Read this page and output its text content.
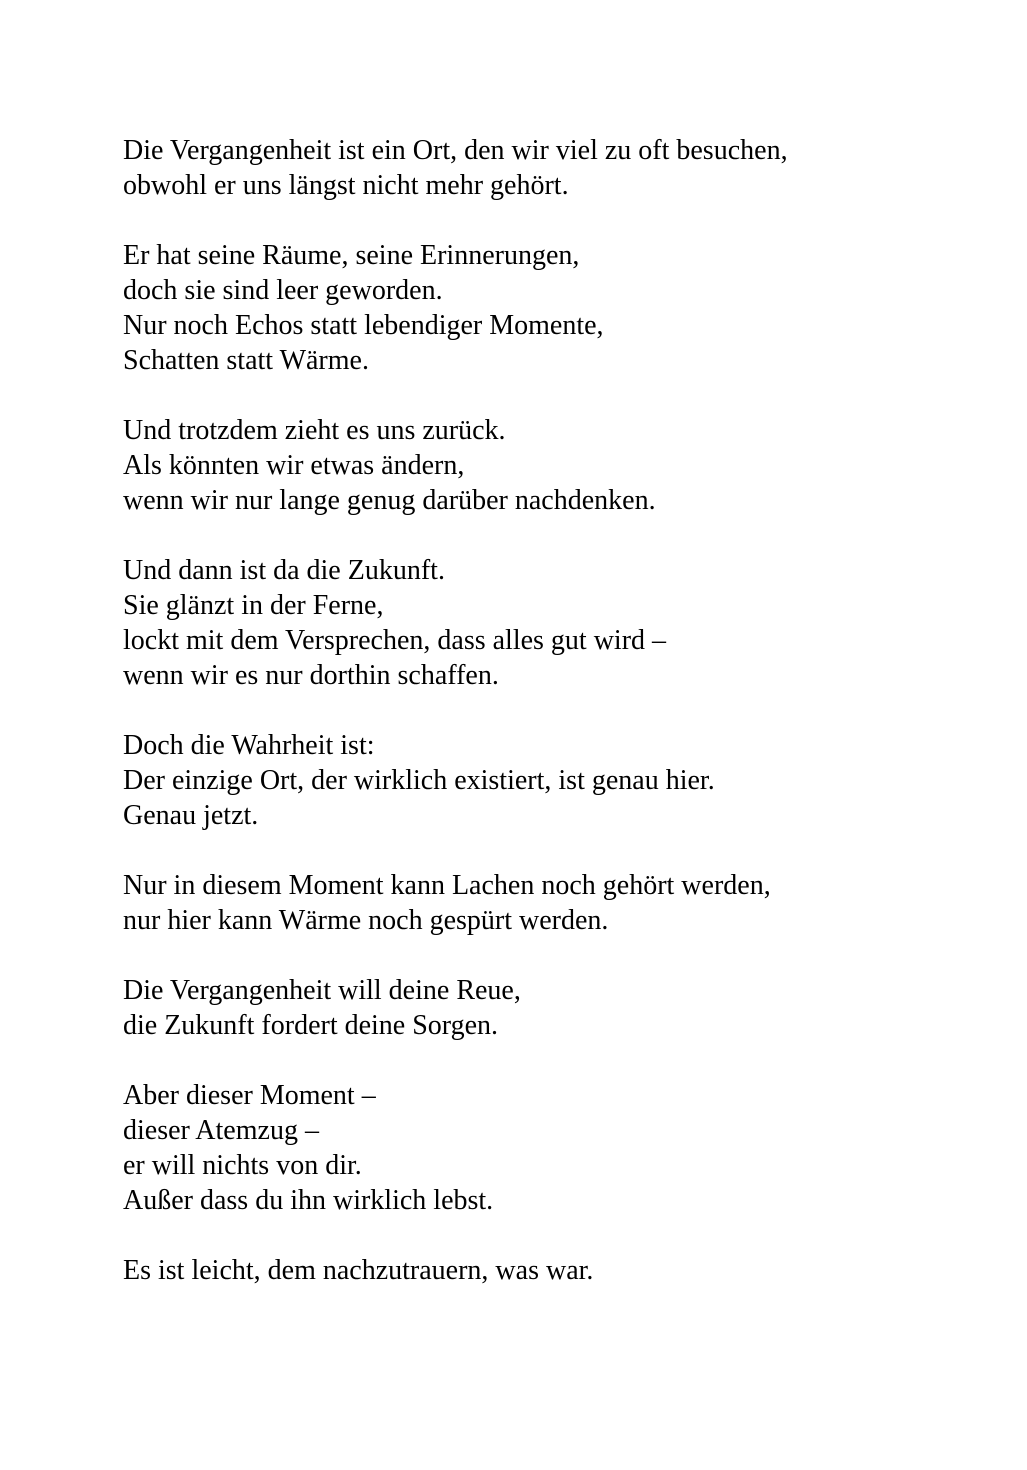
Die Vergangenheit ist ein Ort, den wir viel zu oft besuchen,
obwohl er uns längst nicht mehr gehört.
Er hat seine Räume, seine Erinnerungen,
doch sie sind leer geworden.
Nur noch Echos statt lebendiger Momente,
Schatten statt Wärme.
Und trotzdem zieht es uns zurück.
Als könnten wir etwas ändern,
wenn wir nur lange genug darüber nachdenken.
Und dann ist da die Zukunft.
Sie glänzt in der Ferne,
lockt mit dem Versprechen, dass alles gut wird –
wenn wir es nur dorthin schaffen.
Doch die Wahrheit ist:
Der einzige Ort, der wirklich existiert, ist genau hier.
Genau jetzt.
Nur in diesem Moment kann Lachen noch gehört werden,
nur hier kann Wärme noch gespürt werden.
Die Vergangenheit will deine Reue,
die Zukunft fordert deine Sorgen.
Aber dieser Moment –
dieser Atemzug –
er will nichts von dir.
Außer dass du ihn wirklich lebst.
Es ist leicht, dem nachzutrauern, was war.
